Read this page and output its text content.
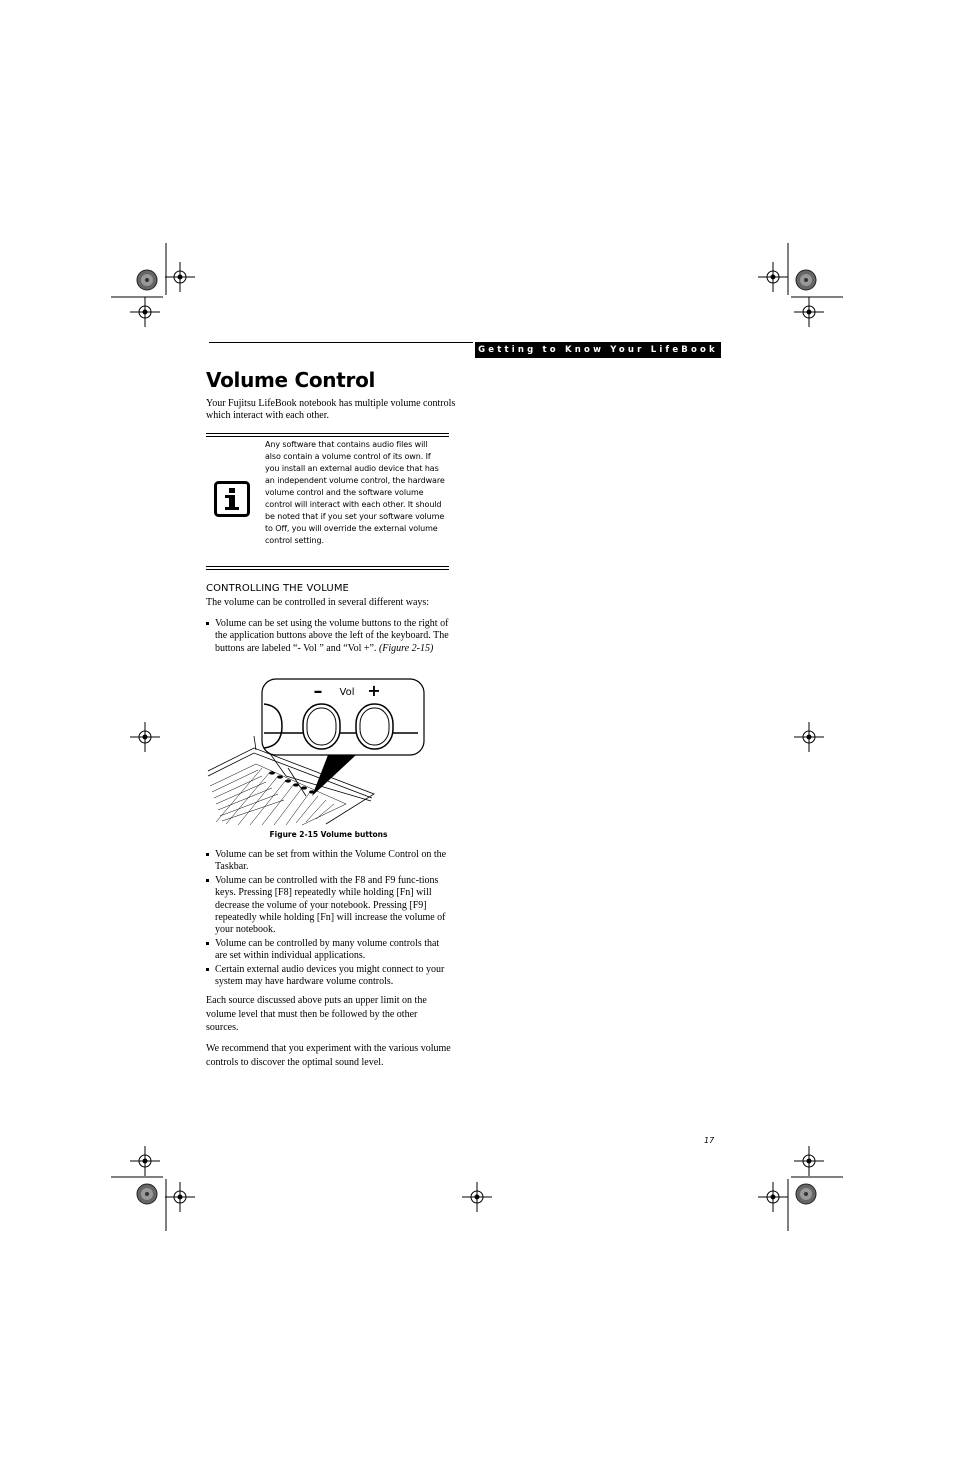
Getting to Know Your LifeBook
Volume Control
Your Fujitsu LifeBook notebook has multiple volume controls which interact with each other.
Any software that contains audio files will also contain a volume control of its own. If you install an external audio device that has an independent volume control, the hardware volume control and the software volume control will interact with each other. It should be noted that if you set your software volume to Off, you will override the external volume control setting.
CONTROLLING THE VOLUME
The volume can be controlled in several different ways:
Volume can be set using the volume buttons to the right of the application buttons above the left of the keyboard. The buttons are labeled “- Vol ” and “Vol +”. (Figure 2-15)
– Vol +
Figure 2-15 Volume buttons
Volume can be set from within the Volume Control on the Taskbar.
Volume can be controlled with the F8 and F9 func-tions keys. Pressing [F8] repeatedly while holding [Fn] will decrease the volume of your notebook. Pressing [F9] repeatedly while holding [Fn] will increase the volume of your notebook.
Volume can be controlled by many volume controls that are set within individual applications.
Certain external audio devices you might connect to your system may have hardware volume controls.
Each source discussed above puts an upper limit on the volume level that must then be followed by the other sources.
We recommend that you experiment with the various volume controls to discover the optimal sound level.
17
